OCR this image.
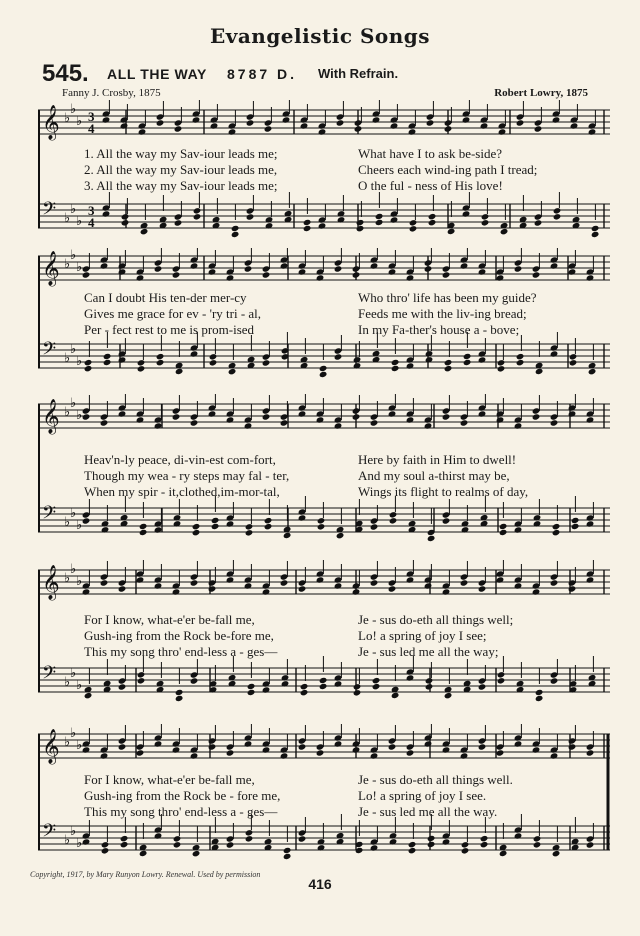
Evangelistic Songs
545. ALL THE WAY 8787 D. With Refrain.
Fanny J. Crosby, 1875	Robert Lowry, 1875
𝄞 ♭
♭
♭ 3
4
𝄢 ♭
♭
♭
3
4
1. All the way my Sav-iour leads me;	What have I to ask be-side?
2. All the way my Sav-iour leads me,	Cheers each wind-ing path I tread;
3. All the way my Sav-iour leads me;	O the ful - ness of His love!
𝄞 ♭
♭
♭
𝄢 ♭
♭
♭
Can I doubt His ten-der mer-cy	Who thro' life has been my guide?
Gives me grace for ev - 'ry tri - al,	Feeds me with the liv-ing bread;
Per - fect rest to me is prom-ised	In my Fa-ther's house a - bove;
𝄞 ♭
♭
♭
𝄢 ♭
♭
♭
Heav'n-ly peace, di-vin-est com-fort,	Here by faith in Him to dwell!
Though my wea - ry steps may fal - ter,	And my soul a-thirst may be,
When my spir - it,clothed,im-mor-tal,	Wings its flight to realms of day,
𝄞 ♭
♭
♭
𝄢 ♭
♭
♭
For I know, what-e'er be-fall me,	Je - sus do-eth all things well;
Gush-ing from the Rock be-fore me,	Lo! a spring of joy I see;
This my song thro' end-less a - ges—	Je - sus led me all the way;
𝄞 ♭
♭
♭
𝄢 ♭
♭
♭
For I know, what-e'er be-fall me,	Je - sus do-eth all things well.
Gush-ing from the Rock be - fore me,	Lo! a spring of joy I see.
This my song thro' end-less a - ges—	Je - sus led me all the way.
Copyright, 1917, by Mary Runyon Lowry. Renewal. Used by permission
416
